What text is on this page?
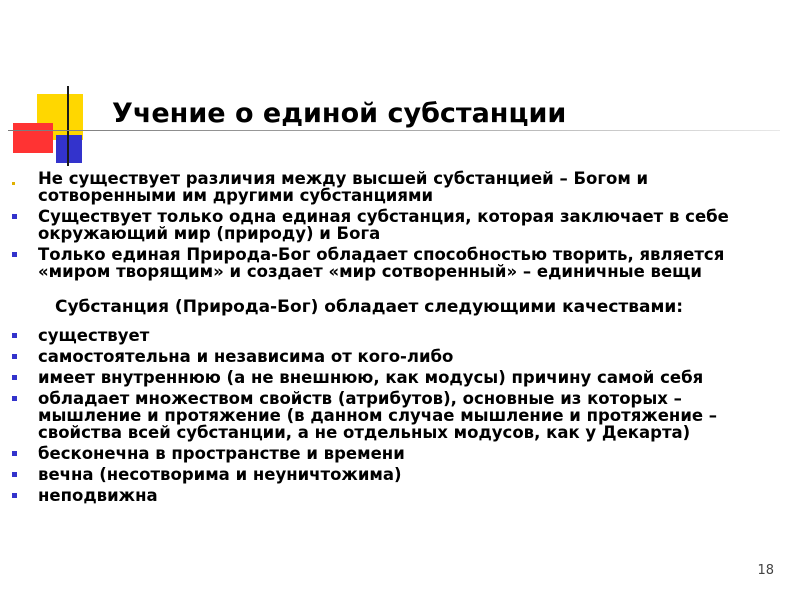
Учение о единой субстанции
Не существует различия между высшей субстанцией – Богом и сотворенными им другими субстанциями
Существует только одна единая субстанция, которая заключает в себе окружающий мир (природу) и Бога
Только единая Природа-Бог обладает способностью творить, является «миром творящим» и создает «мир сотворенный» – единичные вещи
Субстанция (Природа-Бог) обладает следующими качествами:
существует
самостоятельна и независима от кого-либо
имеет внутреннюю (а не внешнюю, как модусы) причину самой себя
обладает множеством свойств (атрибутов), основные из которых – мышление и протяжение (в данном случае мышление и протяжение – свойства всей субстанции, а не отдельных модусов, как у Декарта)
бесконечна в пространстве и времени
вечна (несотворима и неуничтожима)
неподвижна
18
